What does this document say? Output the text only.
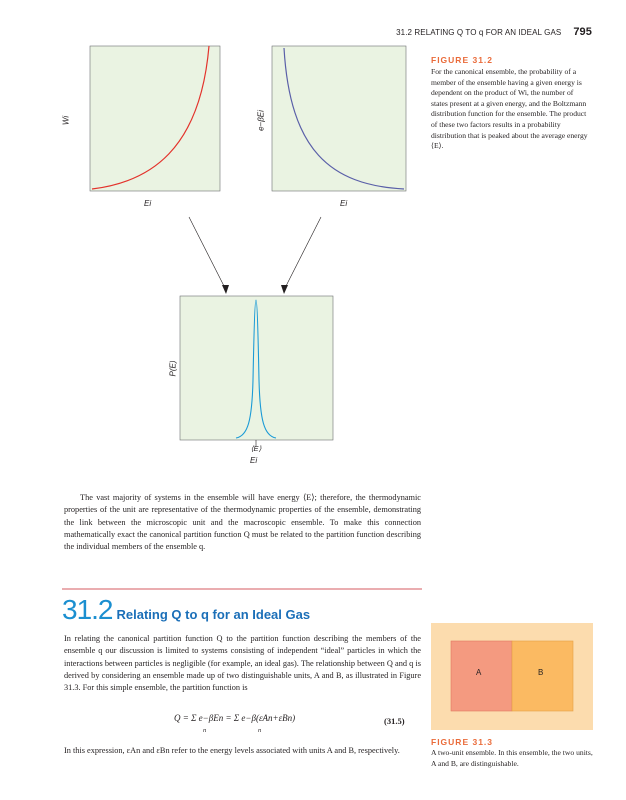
31.2 RELATING Q TO q FOR AN IDEAL GAS 795
Wi
Ei
e−βEi
Ei
P(E)
⟨E⟩
Ei
FIGURE 31.2
For the canonical ensemble, the probability of a member of the ensemble having a given energy is dependent on the product of Wi, the number of states present at a given energy, and the Boltzmann distribution function for the ensemble. The product of these two factors results in a probability distribution that is peaked about the average energy ⟨E⟩.
The vast majority of systems in the ensemble will have energy ⟨E⟩; therefore, the thermodynamic properties of the unit are representative of the thermodynamic properties of the ensemble, demonstrating the link between the microscopic unit and the macroscopic ensemble. To make this connection mathematically exact the canonical partition function Q must be related to the partition function describing the individual members of the ensemble q.
31.2 Relating Q to q for an Ideal Gas
In relating the canonical partition function Q to the partition function describing the members of the ensemble q our discussion is limited to systems consisting of independent “ideal” particles in which the interactions between particles is negligible (for example, an ideal gas). The relationship between Q and q is derived by considering an ensemble made up of two distinguishable units, A and B, as illustrated in Figure 31.3. For this simple ensemble, the partition function is
Q = Σ e−βEn = Σ e−β(εAn+εBn)
n	n
(31.5)
In this expression, εAn and εBn refer to the energy levels associated with units A and B, respectively.
A	B
FIGURE 31.3
A two-unit ensemble. In this ensemble, the two units, A and B, are distinguishable.
